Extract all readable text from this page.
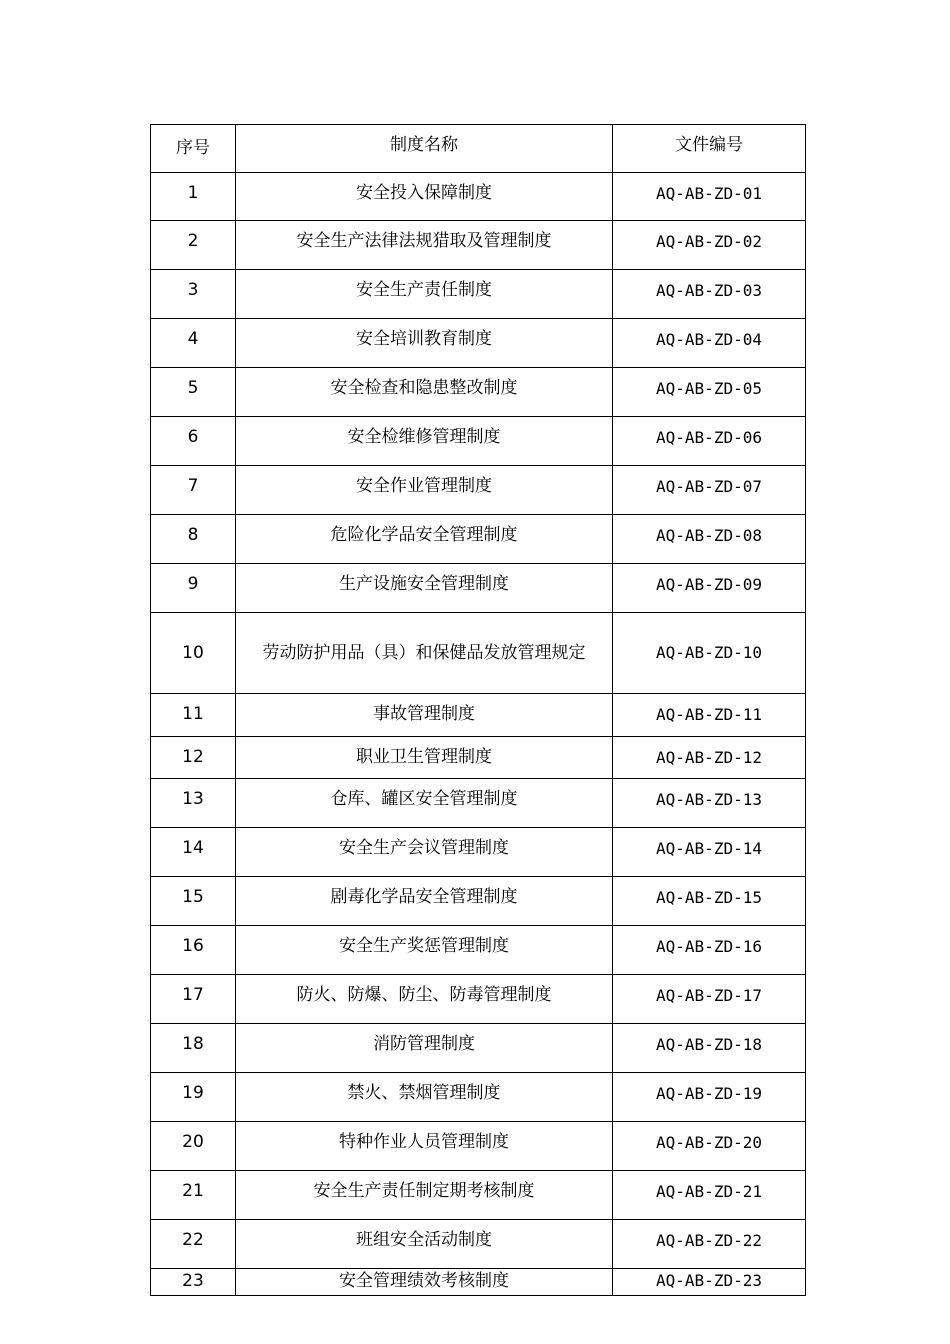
序号	制度名称	文件编号
1	安全投入保障制度	AQ-AB-ZD-01
2	安全生产法律法规猎取及管理制度	AQ-AB-ZD-02
3	安全生产责任制度	AQ-AB-ZD-03
4	安全培训教育制度	AQ-AB-ZD-04
5	安全检查和隐患整改制度	AQ-AB-ZD-05
6	安全检维修管理制度	AQ-AB-ZD-06
7	安全作业管理制度	AQ-AB-ZD-07
8	危险化学品安全管理制度	AQ-AB-ZD-08
9	生产设施安全管理制度	AQ-AB-ZD-09
10	劳动防护用品（具）和保健品发放管理规定	AQ-AB-ZD-10
11	事故管理制度	AQ-AB-ZD-11
12	职业卫生管理制度	AQ-AB-ZD-12
13	仓库、罐区安全管理制度	AQ-AB-ZD-13
14	安全生产会议管理制度	AQ-AB-ZD-14
15	剧毒化学品安全管理制度	AQ-AB-ZD-15
16	安全生产奖惩管理制度	AQ-AB-ZD-16
17	防火、防爆、防尘、防毒管理制度	AQ-AB-ZD-17
18	消防管理制度	AQ-AB-ZD-18
19	禁火、禁烟管理制度	AQ-AB-ZD-19
20	特种作业人员管理制度	AQ-AB-ZD-20
21	安全生产责任制定期考核制度	AQ-AB-ZD-21
22	班组安全活动制度	AQ-AB-ZD-22
23	安全管理绩效考核制度	AQ-AB-ZD-23
